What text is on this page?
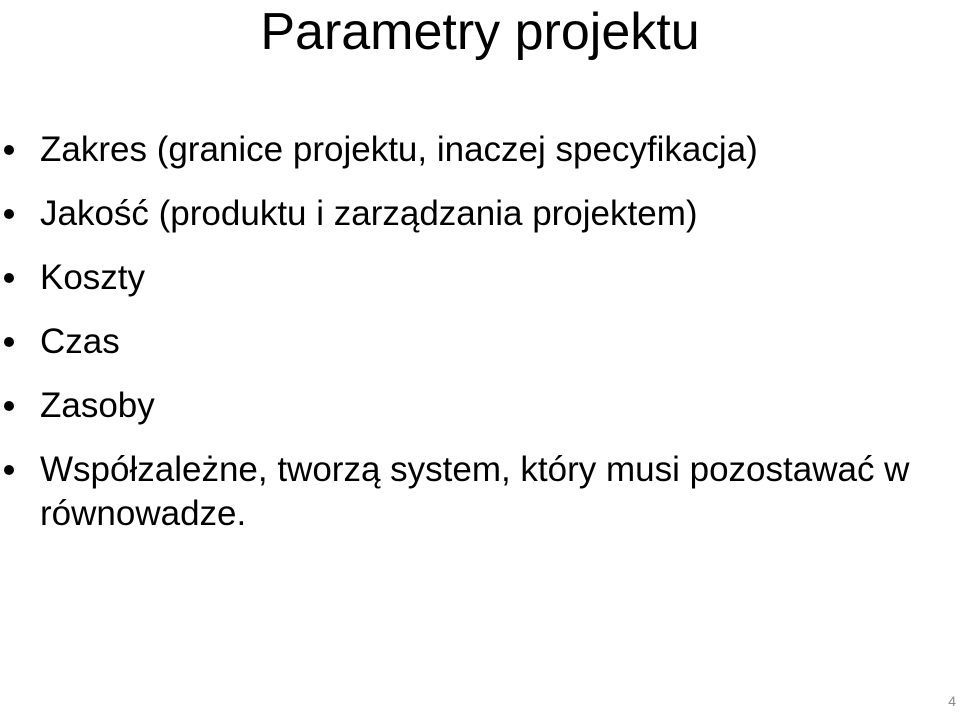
Parametry projektu
Zakres (granice projektu, inaczej specyfikacja)
Jakość (produktu i zarządzania projektem)
Koszty
Czas
Zasoby
Współzależne, tworzą system, który musi pozostawać w równowadze.
4
